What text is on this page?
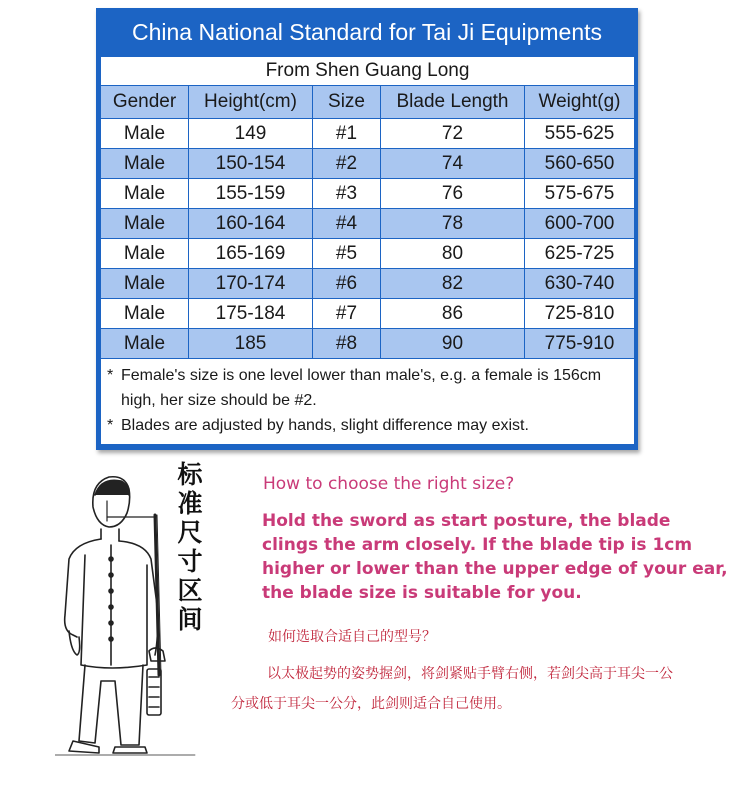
China National Standard for Tai Ji Equipments
From Shen Guang Long				
Gender	Height(cm)	Size	Blade Length	Weight(g)
Male	149	#1	72	555-625
Male	150-154	#2	74	560-650
Male	155-159	#3	76	575-675
Male	160-164	#4	78	600-700
Male	165-169	#5	80	625-725
Male	170-174	#6	82	630-740
Male	175-184	#7	86	725-810
Male	185	#8	90	775-910

* Female's size is one level lower than male's, e.g. a female is 156cm high, her size should be #2.
* Blades are adjusted by hands, slight difference may exist.				
标
准
尺
寸
区
间
How to choose the right size?
Hold the sword as start posture, the blade clings the arm closely. If the blade tip is 1cm higher or lower than the upper edge of your ear, the blade size is suitable for you.
如何选取合适自己的型号？
以太极起势的姿势握剑，将剑紧贴手臂右侧，若剑尖高于耳尖一公分或低于耳尖一公分，此剑则适合自己使用。
